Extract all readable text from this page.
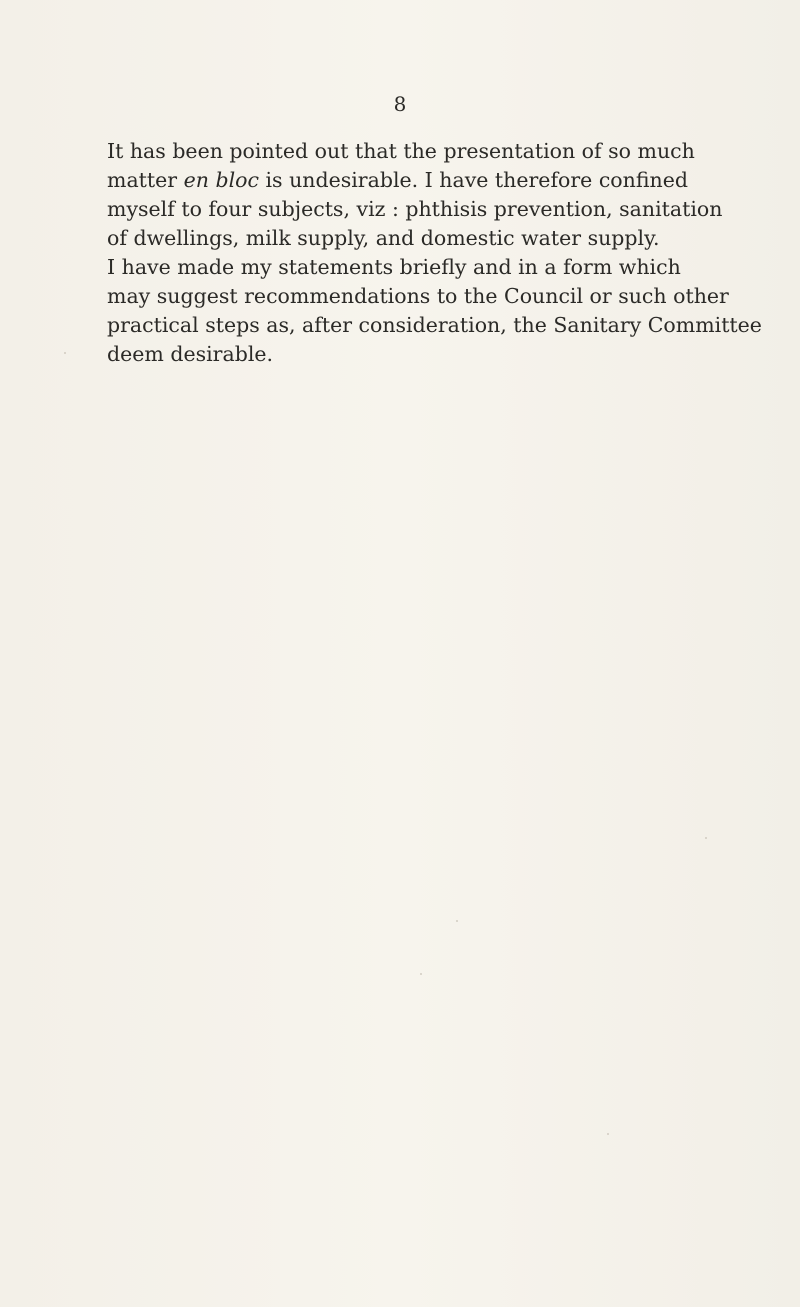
8

It has been pointed out that the presentation of so much
matter en bloc is undesirable. I have therefore confined
myself to four subjects, viz : phthisis prevention, sanitation
of dwellings, milk supply, and domestic water supply.
I have made my statements briefly and in a form which
may suggest recommendations to the Council or such other
practical steps as, after consideration, the Sanitary Committee
deem desirable.
